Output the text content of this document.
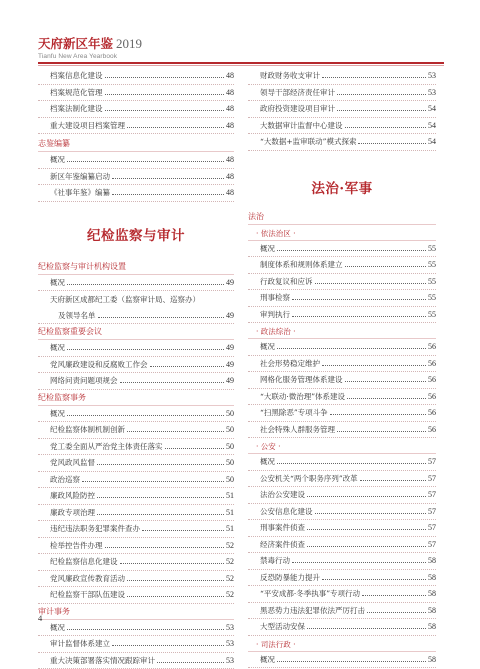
天府新区年鉴 2019
Tianfu New Area Yearbook
档案信息化建设	48
档案规范化管理	48
档案法制化建设	48
重大建设项目档案管理	48
志鉴编纂
概况	48
新区年鉴编纂启动	48
《社事年鉴》编纂	48
纪检监察与审计
纪检监察与审计机构设置
概况	49
天府新区成都纪工委（监察审计局、巡察办）
及领导名单	49
纪检监察重要会议
概况	49
党风廉政建设和反腐败工作会	49
网络问责问题项规会	49
纪检监察事务
概况	50
纪检监察体制机制创新	50
党工委全面从严治党主体责任落实	50
党风政风监督	50
政治巡察	50
廉政风险防控	51
廉政专项治理	51
违纪违法职务犯罪案件查办	51
检举控告件办理	52
纪检监察信息化建设	52
党风廉政宣传教育活动	52
纪检监察干部队伍建设	52
审计事务
概况	53
审计监督体系建立	53
重大决策部署落实情况跟踪审计	53
财政财务收支审计	53
领导干部经济责任审计	53
政府投资建设项目审计	54
大数据审计监督中心建设	54
“大数据+监审联动”模式探索	54
法治·军事
法治
· 依法治区 ·
概况	55
制度体系和规则体系建立	55
行政复议和应诉	55
刑事检察	55
审判执行	55
· 政法综治 ·
概况	56
社会形势稳定维护	56
网格化服务管理体系建设	56
“大联动·微治理”体系建设	56
“扫黑除恶”专项斗争	56
社会特殊人群服务管理	56
· 公安 ·
概况	57
公安机关“两个职务序列”改革	57
法治公安建设	57
公安信息化建设	57
刑事案件侦查	57
经济案件侦查	57
禁毒行动	58
反恐防暴能力提升	58
“平安成都·冬季执事”专项行动	58
黑恶势力违法犯罪依法严厉打击	58
大型活动安保	58
· 司法行政 ·
概况	58
4
